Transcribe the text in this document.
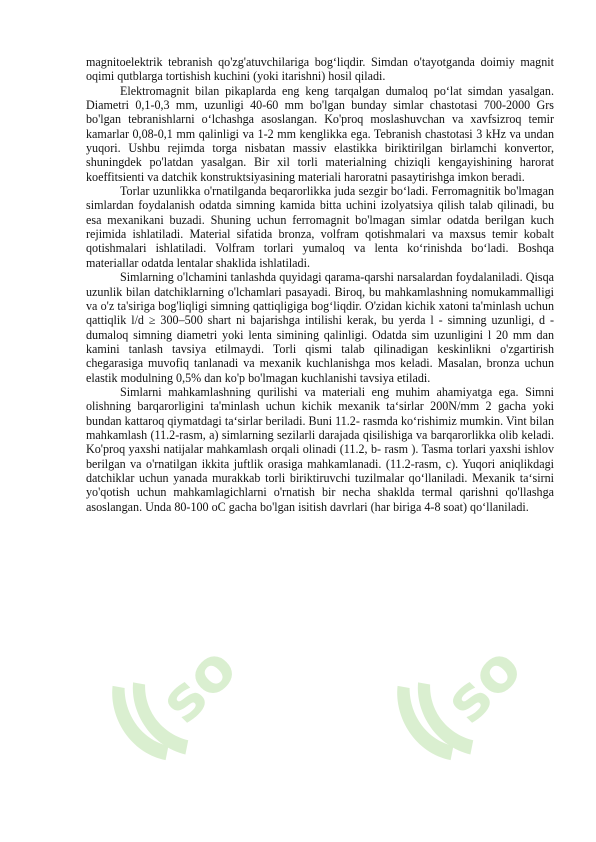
so	so

magnitoelektrik tebranish qo'zg'atuvchilariga bog‘liqdir. Simdan o'tayotganda doimiy magnit oqimi qutblarga tortishish kuchini (yoki itarishni) hosil qiladi.

Elektromagnit bilan pikaplarda eng keng tarqalgan dumaloq po‘lat simdan yasalgan. Diametri 0,1-0,3 mm, uzunligi 40-60 mm bo'lgan bunday simlar chastotasi 700-2000 Grs bo'lgan tebranishlarni o‘lchashga asoslangan. Ko'proq moslashuvchan va xavfsizroq temir kamarlar 0,08-0,1 mm qalinligi va 1-2 mm kenglikka ega. Tebranish chastotasi 3 kHz va undan yuqori. Ushbu rejimda torga nisbatan massiv elastikka biriktirilgan birlamchi konvertor, shuningdek po'latdan yasalgan. Bir xil torli materialning chiziqli kengayishining harorat koeffitsienti va datchik konstruktsiyasining materiali haroratni pasaytirishga imkon beradi.

Torlar uzunlikka o'rnatilganda beqarorlikka juda sezgir bo‘ladi. Ferromagnitik bo'lmagan simlardan foydalanish odatda simning kamida bitta uchini izolyatsiya qilish talab qilinadi, bu esa mexanikani buzadi. Shuning uchun ferromagnit bo'lmagan simlar odatda berilgan kuch rejimida ishlatiladi. Material sifatida bronza, volfram qotishmalari va maxsus temir kobalt qotishmalari ishlatiladi. Volfram torlari yumaloq va lenta ko‘rinishda bo‘ladi. Boshqa materiallar odatda lentalar shaklida ishlatiladi.

Simlarning o'lchamini tanlashda quyidagi qarama-qarshi narsalardan foydalaniladi. Qisqa uzunlik bilan datchiklarning o'lchamlari pasayadi. Biroq, bu mahkamlashning nomukammalligi va o'z ta'siriga bog'liqligi simning qattiqligiga bog‘liqdir. O'zidan kichik xatoni ta'minlash uchun qattiqlik l/d ≥ 300–500 shart ni bajarishga intilishi kerak, bu yerda l - simning uzunligi, d - dumaloq simning diametri yoki lenta simining qalinligi. Odatda sim uzunligini l 20 mm dan kamini tanlash tavsiya etilmaydi. Torli qismi talab qilinadigan keskinlikni o'zgartirish chegarasiga muvofiq tanlanadi va mexanik kuchlanishga mos keladi. Masalan, bronza uchun elastik modulning 0,5% dan ko'p bo'lmagan kuchlanishi tavsiya etiladi.

Simlarni mahkamlashning qurilishi va materiali eng muhim ahamiyatga ega. Simni olishning barqarorligini ta'minlash uchun kichik mexanik ta‘sirlar 200N/mm 2 gacha yoki bundan kattaroq qiymatdagi ta‘sirlar beriladi. Buni 11.2- rasmda ko‘rishimiz mumkin. Vint bilan mahkamlash (11.2-rasm, a) simlarning sezilarli darajada qisilishiga va barqarorlikka olib keladi. Ko'proq yaxshi natijalar mahkamlash orqali olinadi (11.2, b- rasm ). Tasma torlari yaxshi ishlov berilgan va o'rnatilgan ikkita juftlik orasiga mahkamlanadi. (11.2-rasm, c). Yuqori aniqlikdagi datchiklar uchun yanada murakkab torli biriktiruvchi tuzilmalar qo‘llaniladi. Mexanik ta‘sirni yo'qotish uchun mahkamlagichlarni o'rnatish bir necha shaklda termal qarishni qo'llashga asoslangan. Unda 80-100 oC gacha bo'lgan isitish davrlari (har biriga 4-8 soat) qo‘llaniladi.
